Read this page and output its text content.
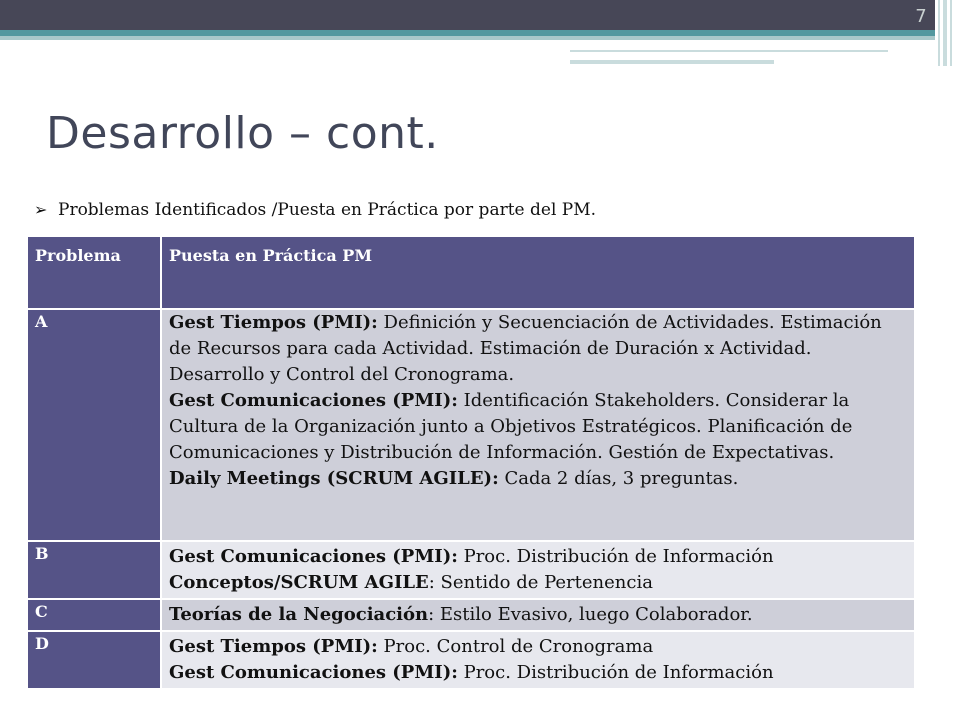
7
Desarrollo – cont.
➢ Problemas Identificados /Puesta en Práctica por parte del PM.
Problema	Puesta en Práctica PM
A	Gest Tiempos (PMI): Definición y Secuenciación de Actividades. Estimación de Recursos para cada Actividad. Estimación de Duración x Actividad. Desarrollo y Control del Cronograma.
Gest Comunicaciones (PMI): Identificación Stakeholders. Considerar la Cultura de la Organización junto a Objetivos Estratégicos. Planificación de Comunicaciones y Distribución de Información. Gestión de Expectativas.
Daily Meetings (SCRUM AGILE): Cada 2 días, 3 preguntas.
B	Gest Comunicaciones (PMI): Proc. Distribución de Información
Conceptos/SCRUM AGILE: Sentido de Pertenencia
C	Teorías de la Negociación: Estilo Evasivo, luego Colaborador.
D	Gest Tiempos (PMI): Proc. Control de Cronograma
Gest Comunicaciones (PMI): Proc. Distribución de Información
